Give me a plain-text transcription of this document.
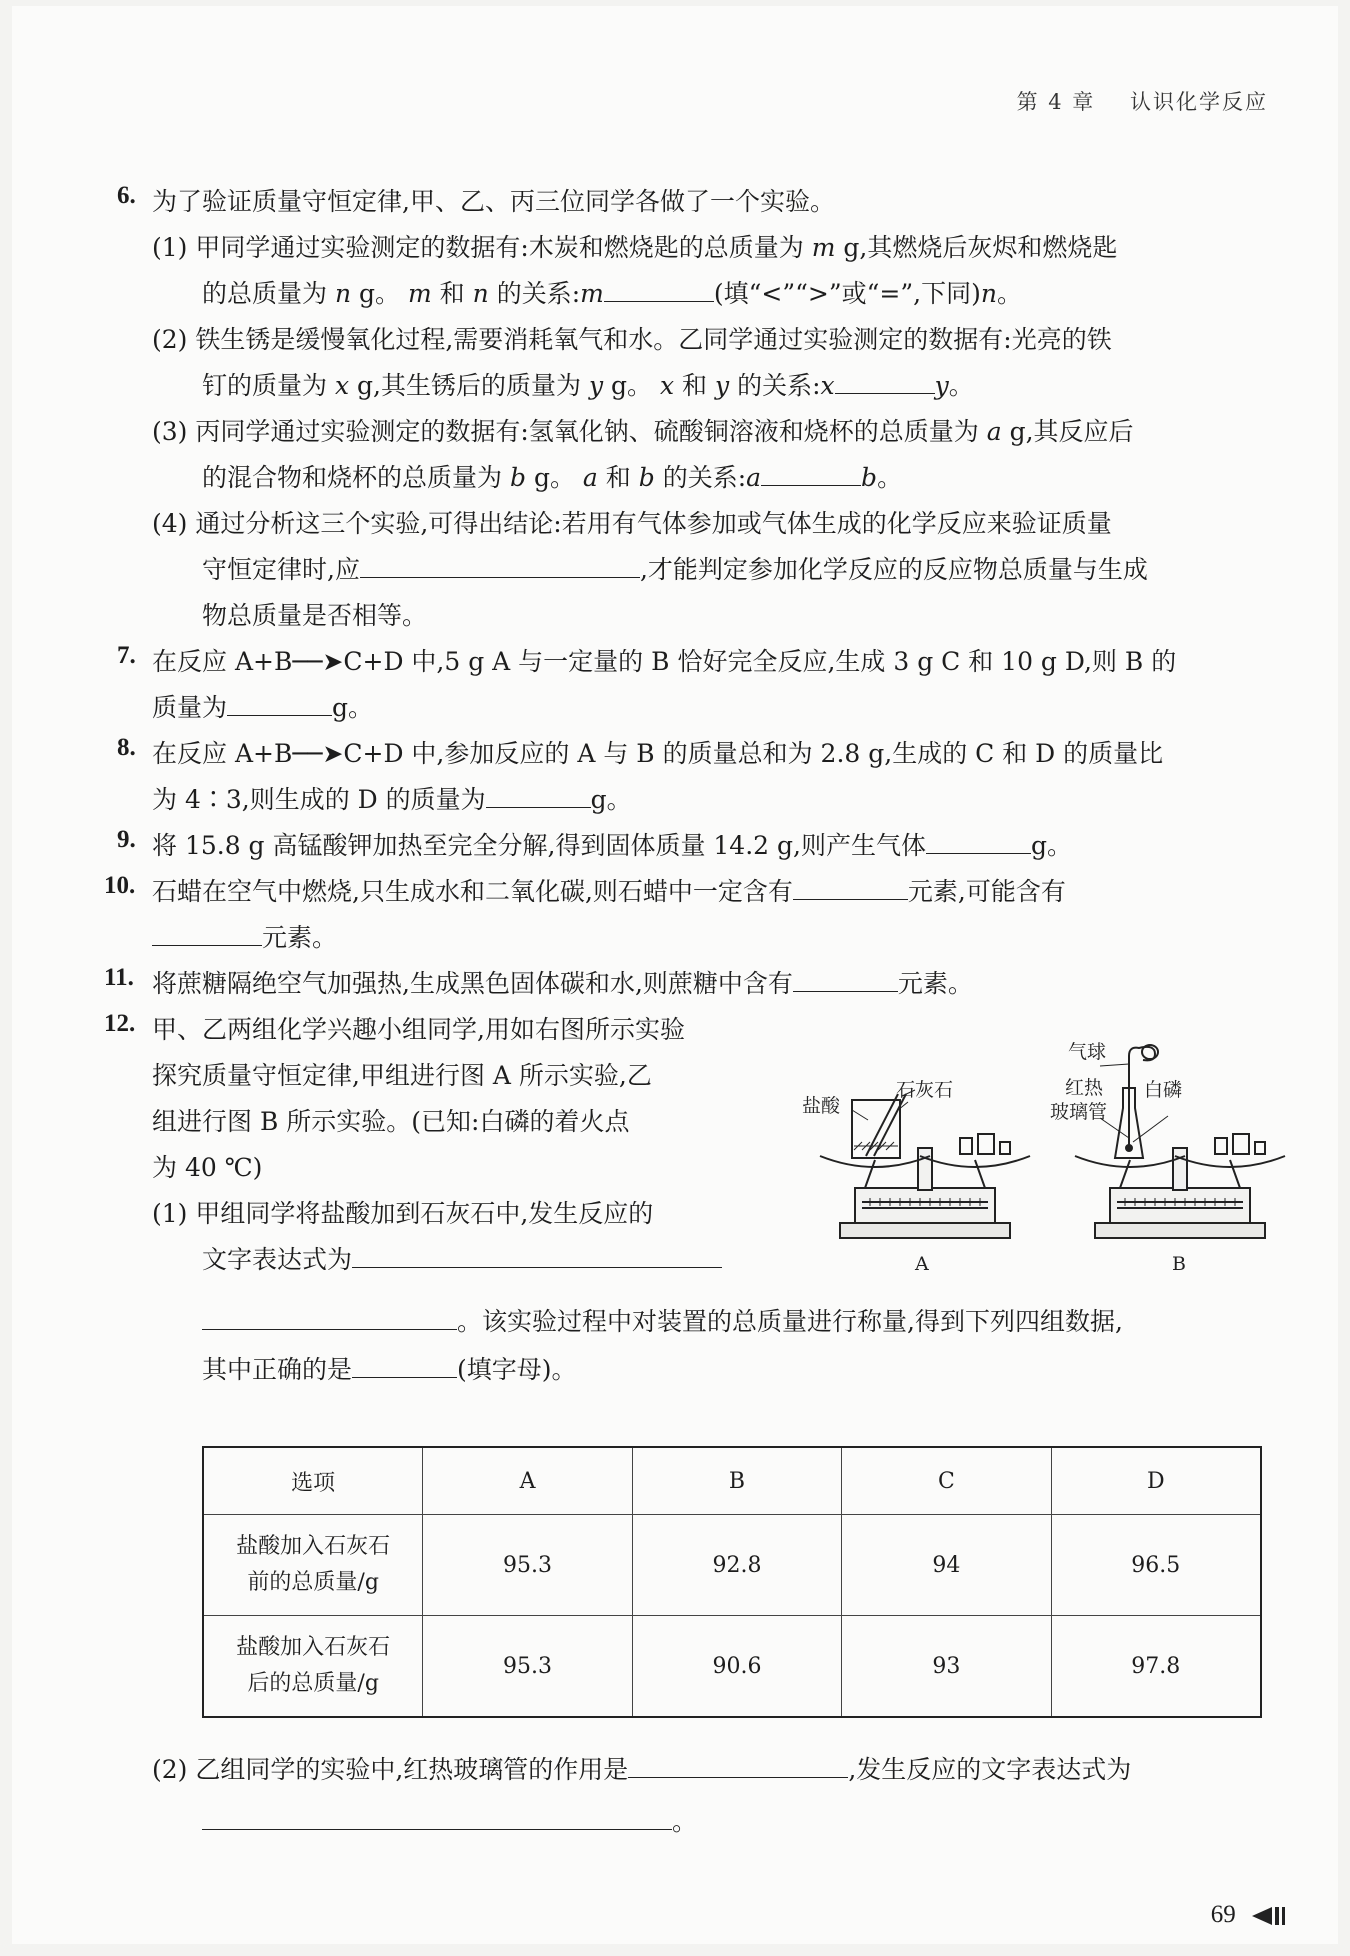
第 4 章 认识化学反应
6. 为了验证质量守恒定律,甲、乙、丙三位同学各做了一个实验。
(1) 甲同学通过实验测定的数据有:木炭和燃烧匙的总质量为 m g,其燃烧后灰烬和燃烧匙
的总质量为 n g。 m 和 n 的关系:m	(填“<”“>”或“=”,下同)n。
(2) 铁生锈是缓慢氧化过程,需要消耗氧气和水。乙同学通过实验测定的数据有:光亮的铁
钉的质量为 x g,其生锈后的质量为 y g。 x 和 y 的关系:x	y。
(3) 丙同学通过实验测定的数据有:氢氧化钠、硫酸铜溶液和烧杯的总质量为 a g,其反应后
的混合物和烧杯的总质量为 b g。 a 和 b 的关系:a	b。
(4) 通过分析这三个实验,可得出结论:若用有气体参加或气体生成的化学反应来验证质量
守恒定律时,应	,才能判定参加化学反应的反应物总质量与生成
物总质量是否相等。
7. 在反应 A+B──➤C+D 中,5 g A 与一定量的 B 恰好完全反应,生成 3 g C 和 10 g D,则 B 的
质量为	g。
8. 在反应 A+B──➤C+D 中,参加反应的 A 与 B 的质量总和为 2.8 g,生成的 C 和 D 的质量比
为 4∶3,则生成的 D 的质量为	g。
9. 将 15.8 g 高锰酸钾加热至完全分解,得到固体质量 14.2 g,则产生气体	g。
10. 石蜡在空气中燃烧,只生成水和二氧化碳,则石蜡中一定含有	元素,可能含有
元素。
11. 将蔗糖隔绝空气加强热,生成黑色固体碳和水,则蔗糖中含有	元素。
12. 甲、乙两组化学兴趣小组同学,用如右图所示实验
探究质量守恒定律,甲组进行图 A 所示实验,乙
组进行图 B 所示实验。(已知:白磷的着火点
为 40 ℃)
(1) 甲组同学将盐酸加到石灰石中,发生反应的
文字表达式为
。该实验过程中对装置的总质量进行称量,得到下列四组数据,
其中正确的是	(填字母)。
盐酸
石灰石
气球
红热
玻璃管
白磷
A	B
选项	A	B	C	D

盐酸加入石灰石
前的总质量/g	95.3	92.8	94	96.5

盐酸加入石灰石
后的总质量/g	95.3	90.6	93	97.8
(2) 乙组同学的实验中,红热玻璃管的作用是	,发生反应的文字表达式为
。
69
